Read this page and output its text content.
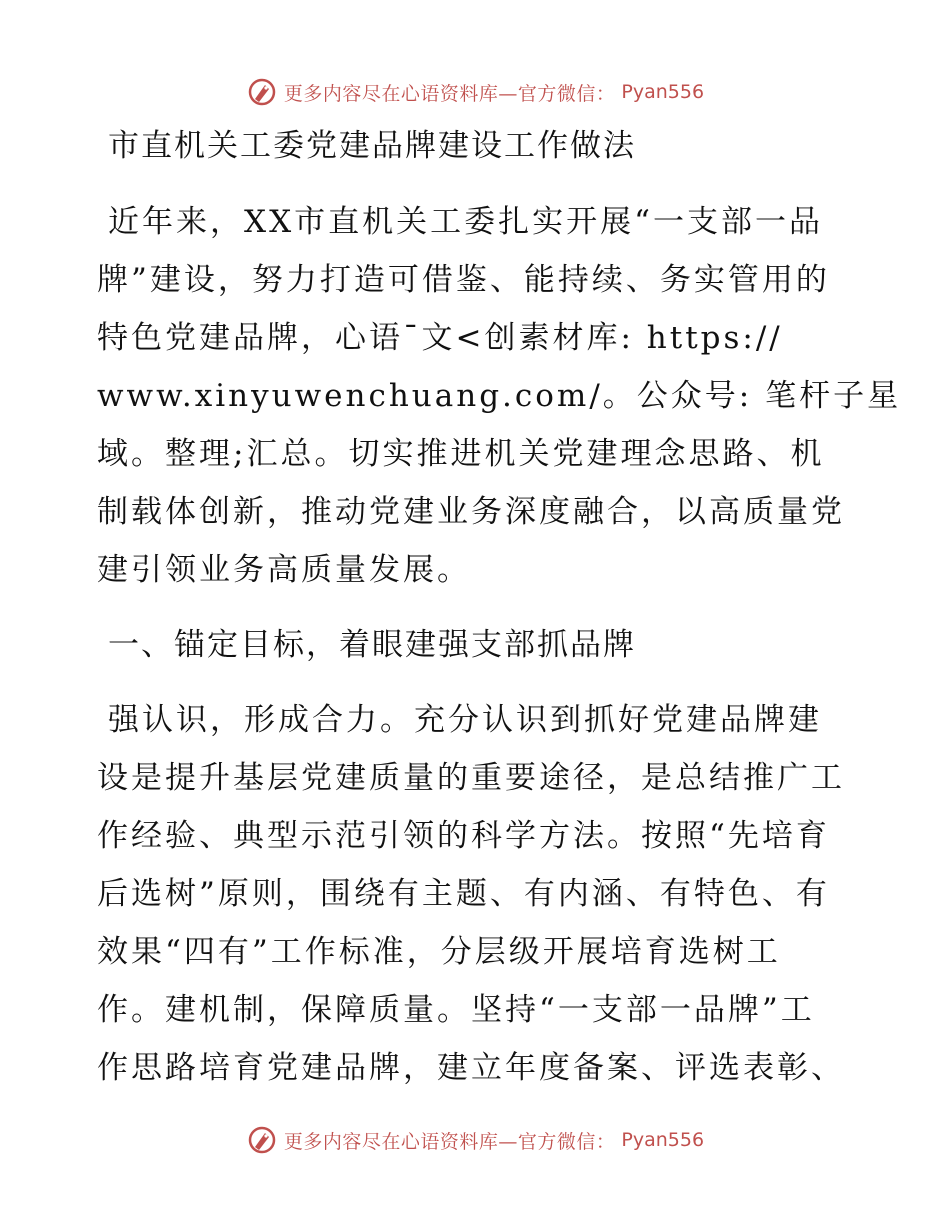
更多内容尽在心语资料库—官方微信： Pyan556
市直机关工委党建品牌建设工作做法
近年来，XX市直机关工委扎实开展“一支部一品
牌”建设，努力打造可借鉴、能持续、务实管用的
特色党建品牌，心语¯文<创素材库: https://
www.xinyuwenchuang.com/。公众号: 笔杆子星
域。整理;汇总。切实推进机关党建理念思路、机
制载体创新，推动党建业务深度融合，以高质量党
建引领业务高质量发展。
一、锚定目标，着眼建强支部抓品牌
强认识，形成合力。充分认识到抓好党建品牌建
设是提升基层党建质量的重要途径，是总结推广工
作经验、典型示范引领的科学方法。按照“先培育
后选树”原则，围绕有主题、有内涵、有特色、有
效果“四有”工作标准，分层级开展培育选树工
作。建机制，保障质量。坚持“一支部一品牌”工
作思路培育党建品牌，建立年度备案、评选表彰、
更多内容尽在心语资料库—官方微信： Pyan556
